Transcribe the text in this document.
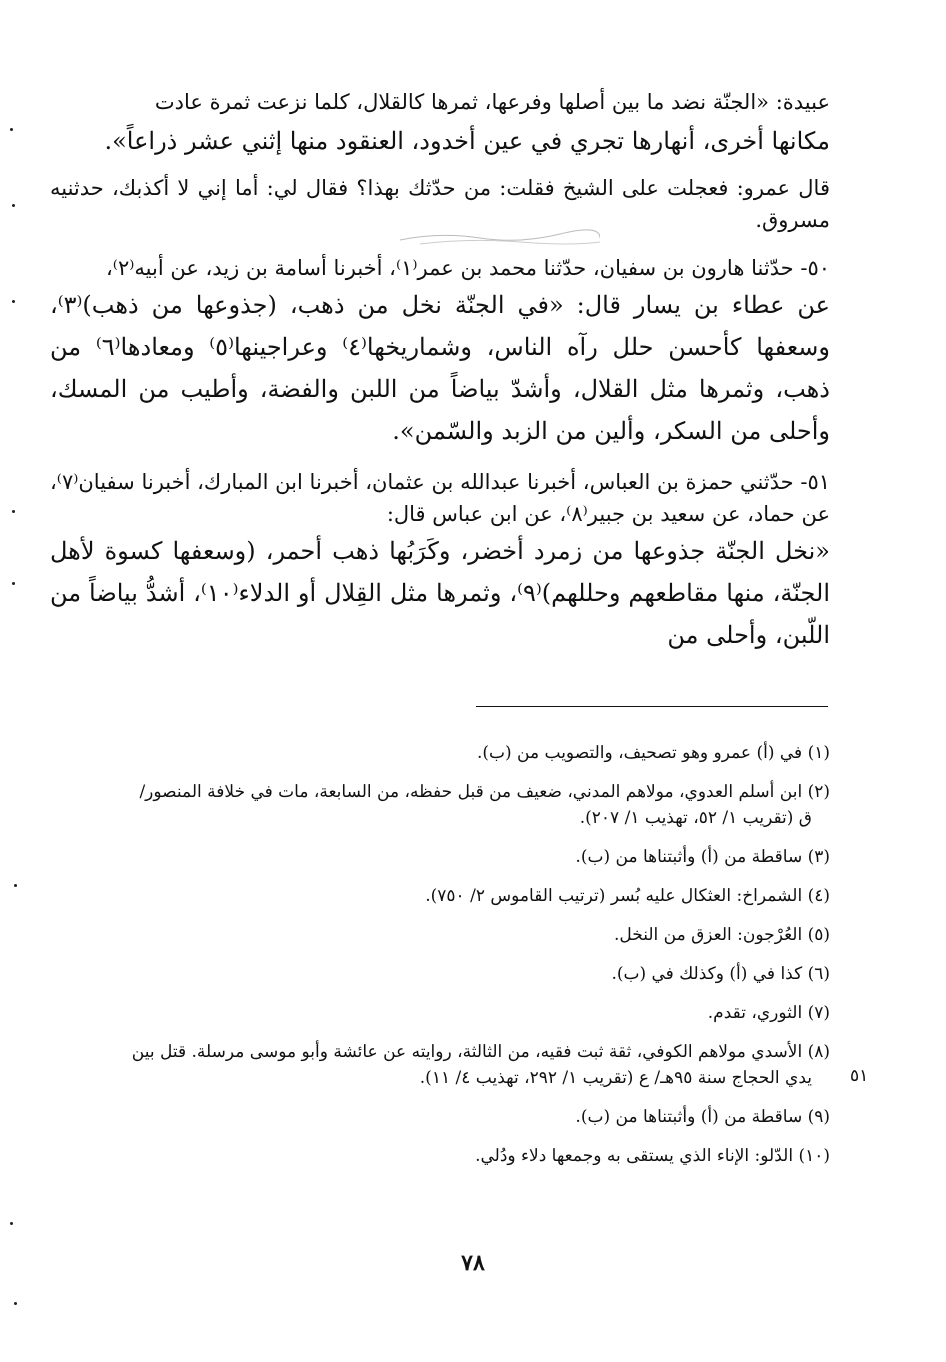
عبيدة: «الجنّة نضد ما بين أصلها وفرعها، ثمرها كالقلال، كلما نزعت ثمرة عادت

مكانها أخرى، أنهارها تجري في عين أخدود، العنقود منها إثني عشر ذراعاً».

قال عمرو: فعجلت على الشيخ فقلت: من حدّثك بهذا؟ فقال لي: أما إني لا أكذبك، حدثنيه مسروق.

٥٠- حدّثنا هارون بن سفيان، حدّثنا محمد بن عمر⁽١⁾، أخبرنا أسامة بن زيد، عن أبيه⁽٢⁾،

عن عطاء بن يسار قال: «في الجنّة نخل من ذهب، (جذوعها من ذهب)⁽٣⁾، وسعفها كأحسن حلل رآه الناس، وشماريخها⁽٤⁾ وعراجينها⁽٥⁾ ومعادها⁽٦⁾ من ذهب، وثمرها مثل القلال، وأشدّ بياضاً من اللبن والفضة، وأطيب من المسك، وأحلى من السكر، وألين من الزبد والسّمن».

٥١- حدّثني حمزة بن العباس، أخبرنا عبدالله بن عثمان، أخبرنا ابن المبارك، أخبرنا سفيان⁽٧⁾، عن حماد، عن سعيد بن جبير⁽٨⁾، عن ابن عباس قال:

«نخل الجنّة جذوعها من زمرد أخضر، وكَرَبُها ذهب أحمر، (وسعفها كسوة لأهل الجنّة، منها مقاطعهم وحللهم)⁽٩⁾، وثمرها مثل القِلال أو الدلاء⁽١٠⁾، أشدُّ بياضاً من اللّبن، وأحلى من

(١) في (أ) عمرو وهو تصحيف، والتصويب من (ب).

(٢) ابن أسلم العدوي، مولاهم المدني، ضعيف من قبل حفظه، من السابعة، مات في خلافة المنصور/

ق (تقريب ١/ ٥٢، تهذيب ١/ ٢٠٧).

(٣) ساقطة من (أ) وأثبتناها من (ب).

(٤) الشمراخ: العثكال عليه بُسر (ترتيب القاموس ٢/ ٧٥٠).

(٥) العُرْجون: العزق من النخل.

(٦) كذا في (أ) وكذلك في (ب).

(٧) الثوري، تقدم.

(٨) الأسدي مولاهم الكوفي، ثقة ثبت فقيه، من الثالثة، روايته عن عائشة وأبو موسى مرسلة. قتل بين

يدي الحجاج سنة ٩٥هـ/ ع (تقريب ١/ ٢٩٢، تهذيب ٤/ ١١).

(٩) ساقطة من (أ) وأثبتناها من (ب).

(١٠) الدّلو: الإناء الذي يستقى به وجمعها دلاء ودُلي.

٥١
٧٨
